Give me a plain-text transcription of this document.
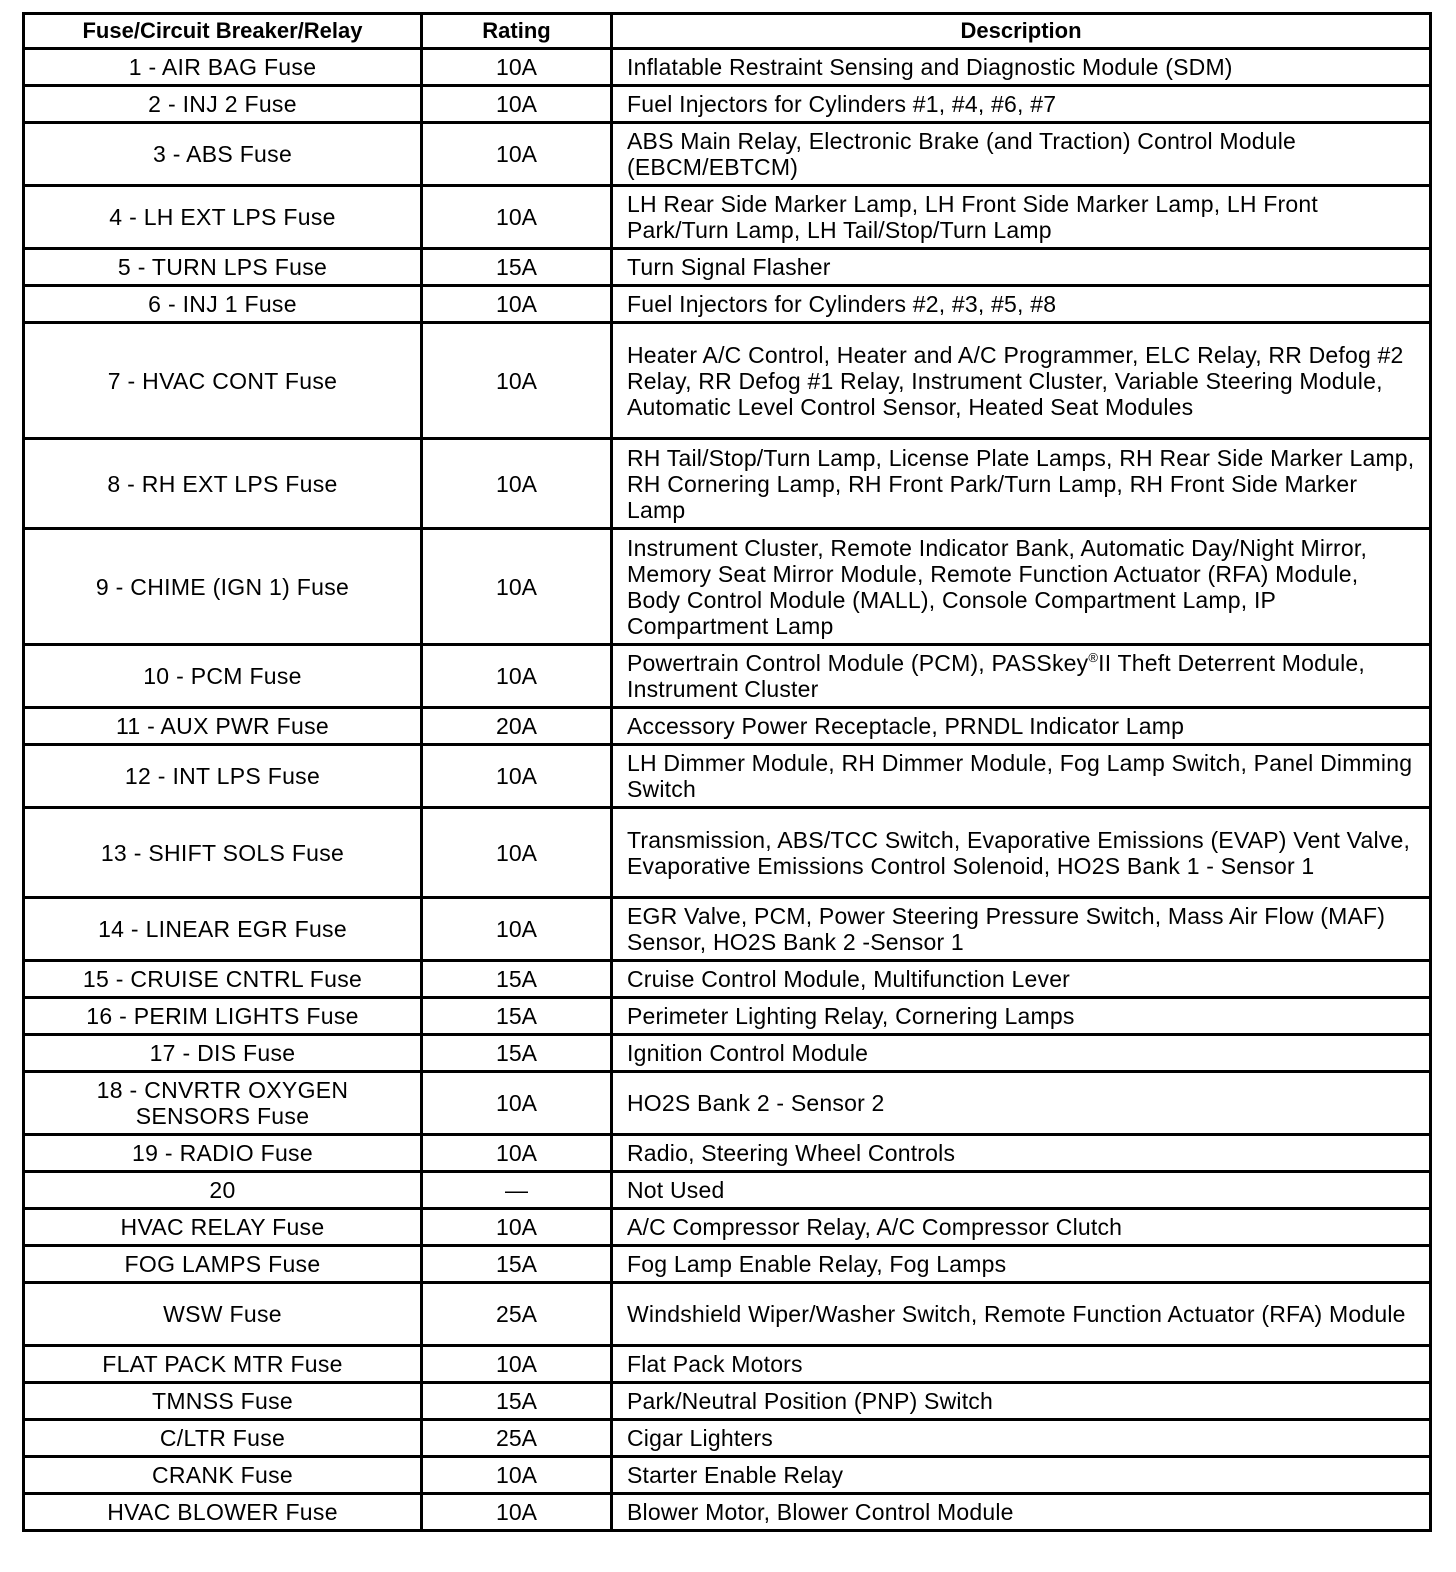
Fuse/Circuit Breaker/Relay	Rating	Description
1 - AIR BAG Fuse	10A	Inflatable Restraint Sensing and Diagnostic Module (SDM)
2 - INJ 2 Fuse	10A	Fuel Injectors for Cylinders #1, #4, #6, #7
3 - ABS Fuse	10A	ABS Main Relay, Electronic Brake (and Traction) Control Module (EBCM/EBTCM)
4 - LH EXT LPS Fuse	10A	LH Rear Side Marker Lamp, LH Front Side Marker Lamp, LH Front Park/Turn Lamp, LH Tail/Stop/Turn Lamp
5 - TURN LPS Fuse	15A	Turn Signal Flasher
6 - INJ 1 Fuse	10A	Fuel Injectors for Cylinders #2, #3, #5, #8
7 - HVAC CONT Fuse	10A	Heater A/C Control, Heater and A/C Programmer, ELC Relay, RR Defog #2 Relay, RR Defog #1 Relay, Instrument Cluster, Variable Steering Module, Automatic Level Control Sensor, Heated Seat Modules
8 - RH EXT LPS Fuse	10A	RH Tail/Stop/Turn Lamp, License Plate Lamps, RH Rear Side Marker Lamp, RH Cornering Lamp, RH Front Park/Turn Lamp, RH Front Side Marker Lamp
9 - CHIME (IGN 1) Fuse	10A	Instrument Cluster, Remote Indicator Bank, Automatic Day/Night Mirror, Memory Seat Mirror Module, Remote Function Actuator (RFA) Module, Body Control Module (MALL), Console Compartment Lamp, IP Compartment Lamp
10 - PCM Fuse	10A	Powertrain Control Module (PCM), PASSkey®II Theft Deterrent Module, Instrument Cluster
11 - AUX PWR Fuse	20A	Accessory Power Receptacle, PRNDL Indicator Lamp
12 - INT LPS Fuse	10A	LH Dimmer Module, RH Dimmer Module, Fog Lamp Switch, Panel Dimming Switch
13 - SHIFT SOLS Fuse	10A	Transmission, ABS/TCC Switch, Evaporative Emissions (EVAP) Vent Valve, Evaporative Emissions Control Solenoid, HO2S Bank 1 - Sensor 1
14 - LINEAR EGR Fuse	10A	EGR Valve, PCM, Power Steering Pressure Switch, Mass Air Flow (MAF) Sensor, HO2S Bank 2 -Sensor 1
15 - CRUISE CNTRL Fuse	15A	Cruise Control Module, Multifunction Lever
16 - PERIM LIGHTS Fuse	15A	Perimeter Lighting Relay, Cornering Lamps
17 - DIS Fuse	15A	Ignition Control Module
18 - CNVRTR OXYGEN SENSORS Fuse	10A	HO2S Bank 2 - Sensor 2
19 - RADIO Fuse	10A	Radio, Steering Wheel Controls
20	—	Not Used
HVAC RELAY Fuse	10A	A/C Compressor Relay, A/C Compressor Clutch
FOG LAMPS Fuse	15A	Fog Lamp Enable Relay, Fog Lamps
WSW Fuse	25A	Windshield Wiper/Washer Switch, Remote Function Actuator (RFA) Module
FLAT PACK MTR Fuse	10A	Flat Pack Motors
TMNSS Fuse	15A	Park/Neutral Position (PNP) Switch
C/LTR Fuse	25A	Cigar Lighters
CRANK Fuse	10A	Starter Enable Relay
HVAC BLOWER Fuse	10A	Blower Motor, Blower Control Module
